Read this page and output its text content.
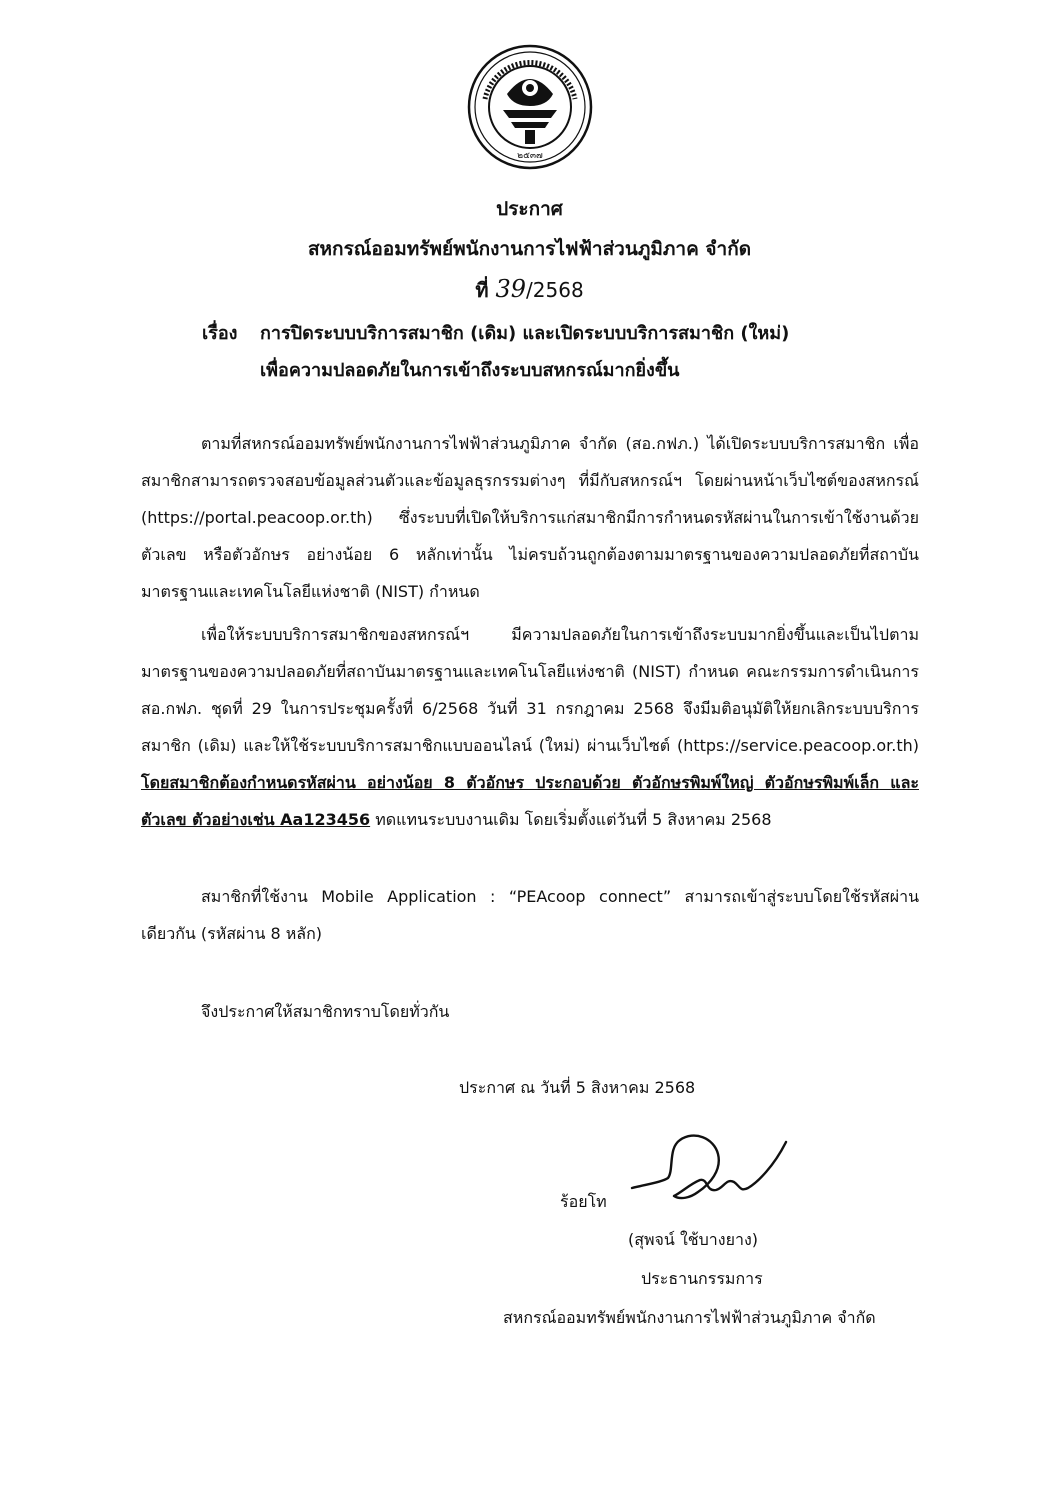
๒๕๓๗
ประกาศ
สหกรณ์ออมทรัพย์พนักงานการไฟฟ้าส่วนภูมิภาค จำกัด
ที่ 39/2568
เรื่อง การปิดระบบบริการสมาชิก (เดิม) และเปิดระบบบริการสมาชิก (ใหม่)
เพื่อความปลอดภัยในการเข้าถึงระบบสหกรณ์มากยิ่งขึ้น

ตามที่สหกรณ์ออมทรัพย์พนักงานการไฟฟ้าส่วนภูมิภาค จำกัด (สอ.กฟภ.) ได้เปิดระบบบริการสมาชิก เพื่อสมาชิกสามารถตรวจสอบข้อมูลส่วนตัวและข้อมูลธุรกรรมต่างๆ ที่มีกับสหกรณ์ฯ โดยผ่านหน้าเว็บไซต์ของสหกรณ์ (https://portal.peacoop.or.th) ซึ่งระบบที่เปิดให้บริการแก่สมาชิกมีการกำหนดรหัสผ่านในการเข้าใช้งานด้วย ตัวเลข หรือตัวอักษร อย่างน้อย 6 หลักเท่านั้น ไม่ครบถ้วนถูกต้องตามมาตรฐานของความปลอดภัยที่สถาบันมาตรฐานและเทคโนโลยีแห่งชาติ (NIST) กำหนด

เพื่อให้ระบบบริการสมาชิกของสหกรณ์ฯ มีความปลอดภัยในการเข้าถึงระบบมากยิ่งขึ้นและเป็นไปตามมาตรฐานของความปลอดภัยที่สถาบันมาตรฐานและเทคโนโลยีแห่งชาติ (NIST) กำหนด คณะกรรมการดำเนินการ สอ.กฟภ. ชุดที่ 29 ในการประชุมครั้งที่ 6/2568 วันที่ 31 กรกฎาคม 2568 จึงมีมติอนุมัติให้ยกเลิกระบบบริการสมาชิก (เดิม) และให้ใช้ระบบบริการสมาชิกแบบออนไลน์ (ใหม่) ผ่านเว็บไซต์ (https://service.peacoop.or.th) โดยสมาชิกต้องกำหนดรหัสผ่าน อย่างน้อย 8 ตัวอักษร ประกอบด้วย ตัวอักษรพิมพ์ใหญ่ ตัวอักษรพิมพ์เล็ก และตัวเลข ตัวอย่างเช่น Aa123456 ทดแทนระบบงานเดิม โดยเริ่มตั้งแต่วันที่ 5 สิงหาคม 2568

สมาชิกที่ใช้งาน Mobile Application : “PEAcoop connect” สามารถเข้าสู่ระบบโดยใช้รหัสผ่านเดียวกัน (รหัสผ่าน 8 หลัก)

จึงประกาศให้สมาชิกทราบโดยทั่วกัน
ประกาศ ณ วันที่ 5 สิงหาคม 2568
ร้อยโท
(สุพจน์ ใช้บางยาง)
ประธานกรรมการ
สหกรณ์ออมทรัพย์พนักงานการไฟฟ้าส่วนภูมิภาค จำกัด
